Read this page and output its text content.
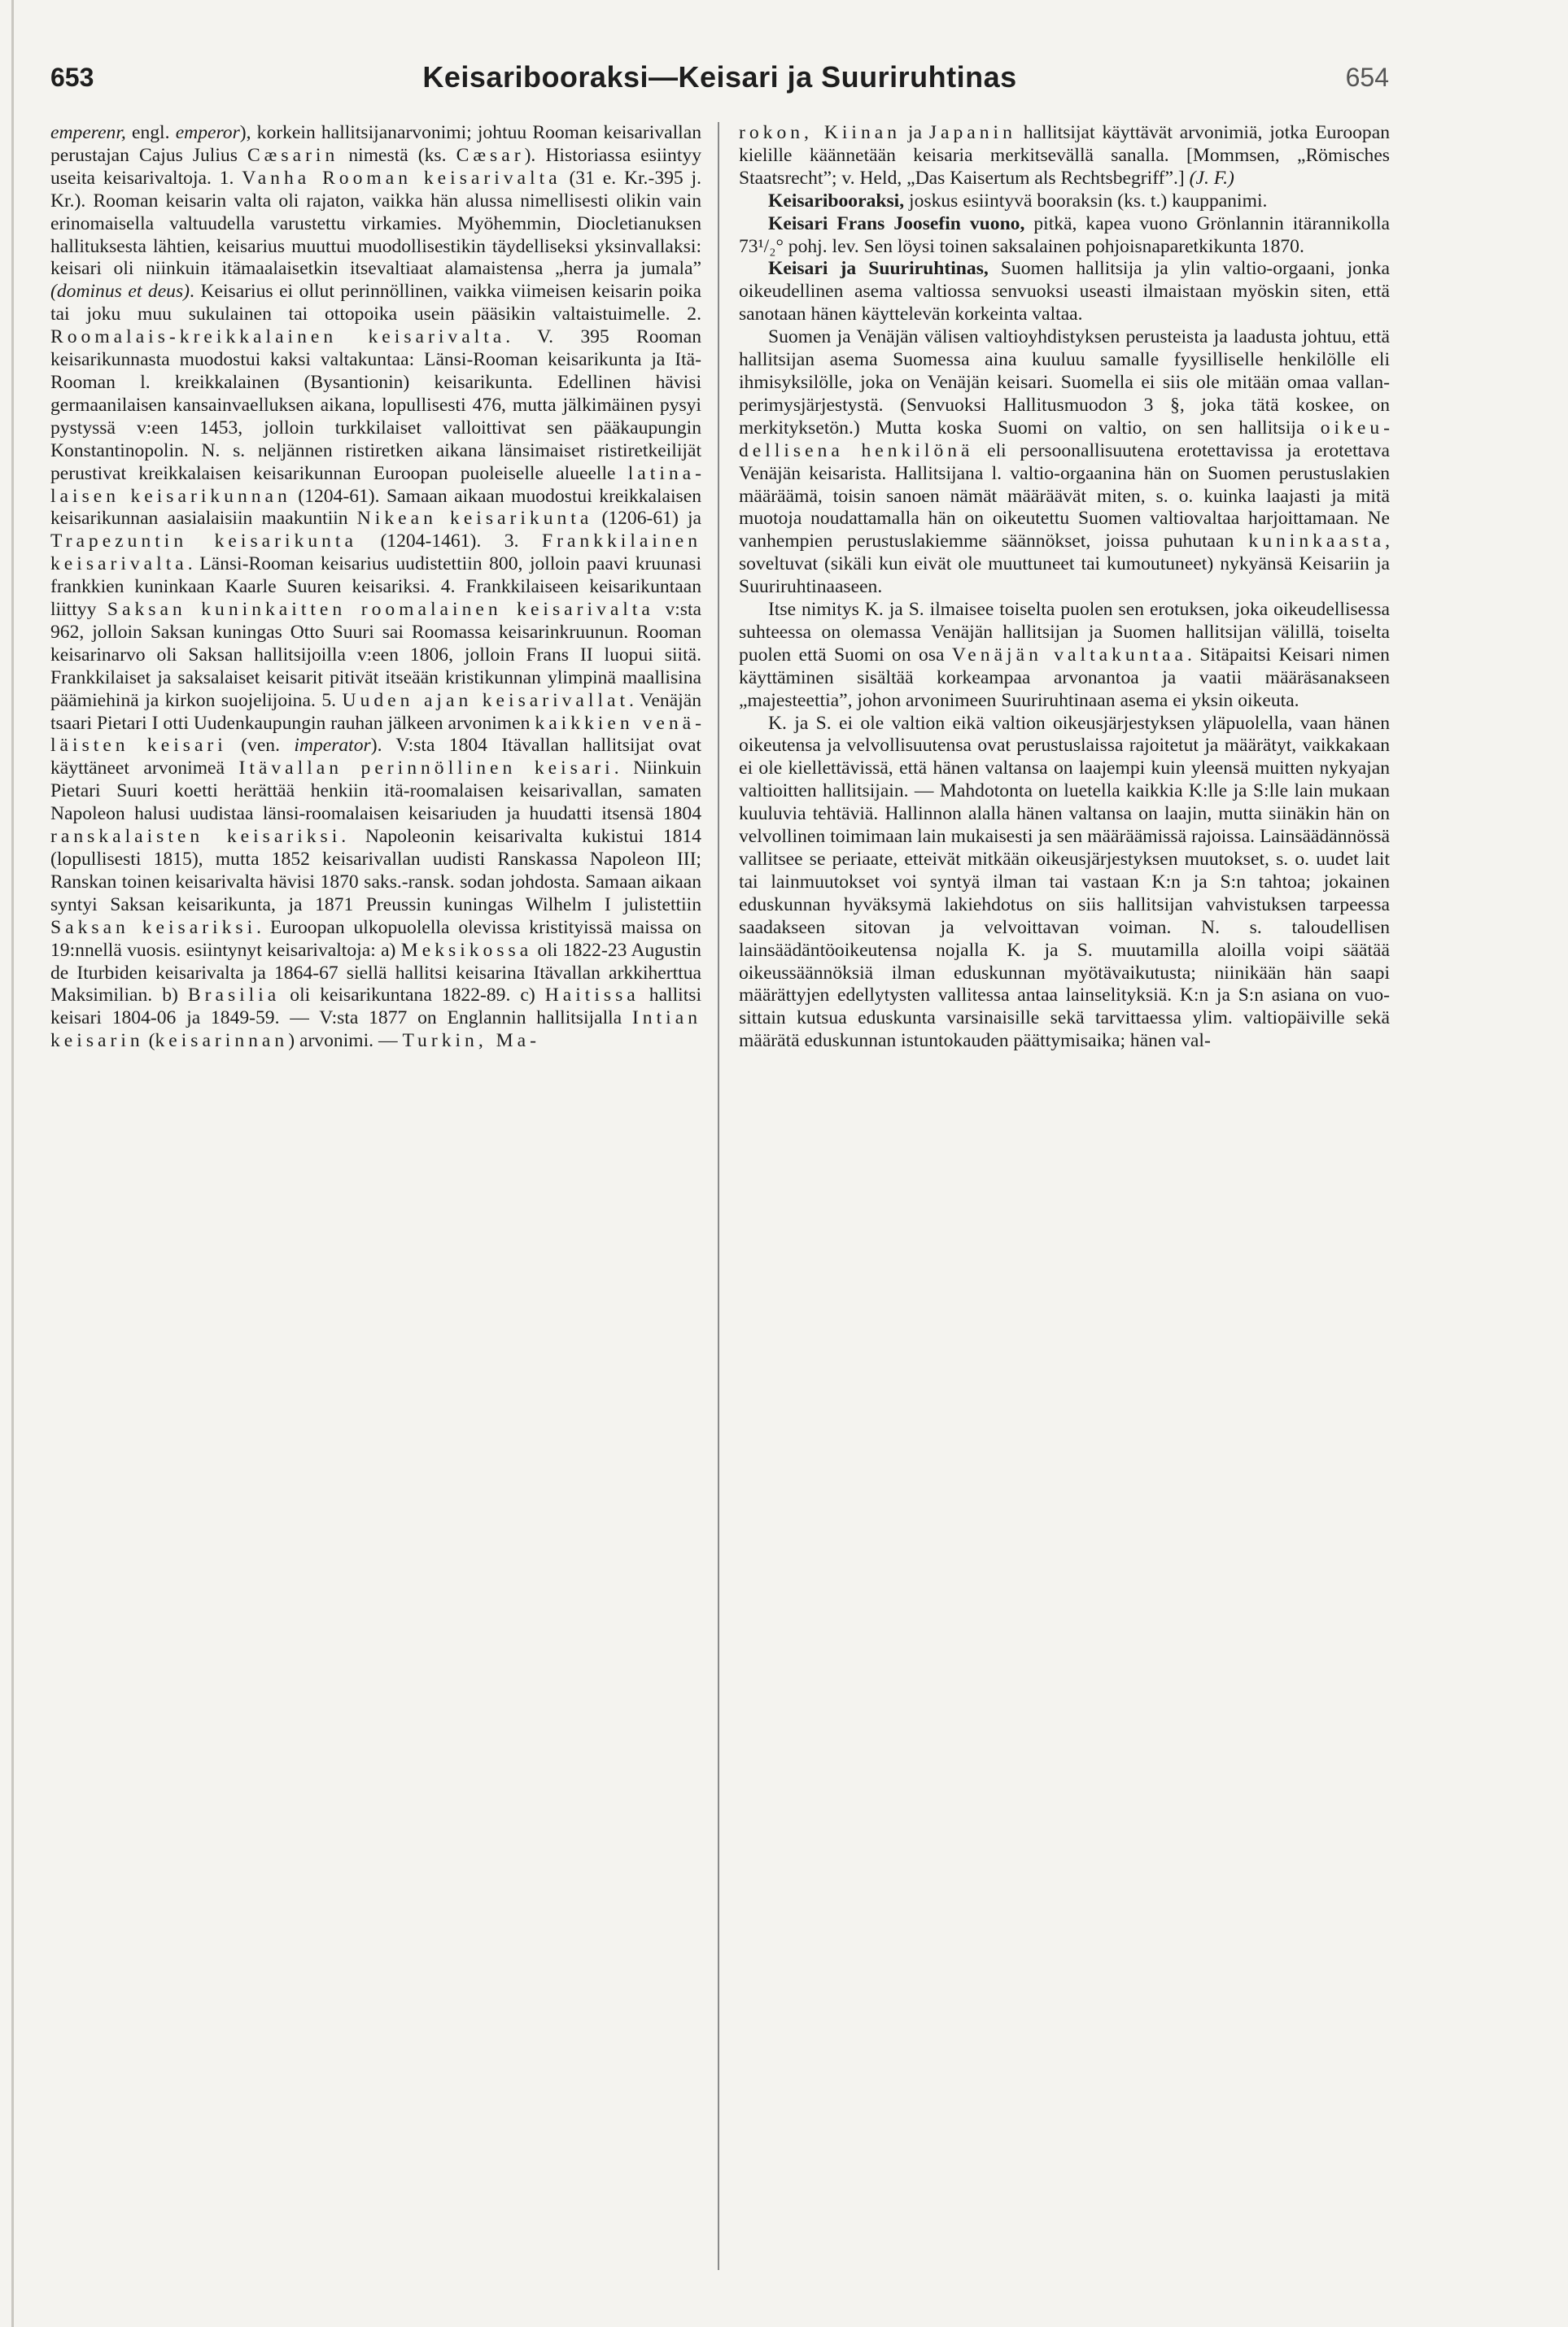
653	Keisaribooraksi—Keisari ja Suuriruhtinas	654

emperenr, engl. emperor), korkein hallitsijanarvonimi; johtuu Rooman keisarivallan perustajan Cajus Julius Cæsarin nimestä (ks. Cæsar). Historiassa esiintyy useita keisarivaltoja. 1. Vanha Rooman keisarivalta (31 e. Kr.-395 j. Kr.). Rooman keisarin valta oli rajaton, vaikka hän alussa nimellisesti olikin vain erinomaisella valtuudella varustettu virkamies. Myöhemmin, Diocletianuksen hallituksesta lähtien, keisarius muuttui muodollisestikin täydelliseksi yksinvallaksi: keisari oli niinkuin itämaalaisetkin itsevaltiaat alamaistensa „herra ja jumala” (dominus et deus). Keisarius ei ollut perinnöllinen, vaikka viimeisen keisarin poika tai joku muu sukulainen tai ottopoika usein pääsikin valtaistuimelle. 2. Roomalais-kreikkalainen keisarivalta. V. 395 Rooman keisarikunnasta muodostui kaksi valtakuntaa: Länsi-Rooman keisarikunta ja Itä-Rooman l. kreikkalainen (Bysantionin) keisarikunta. Edellinen hävisi germaanilaisen kansainvaelluksen aikana, lopullisesti 476, mutta jälkimäinen pysyi pystyssä v:een 1453, jolloin turkkilaiset valloittivat sen pääkaupungin Konstantinopolin. N. s. neljännen ristiretken aikana länsimaiset ristiretkeilijät perustivat kreikkalaisen keisarikunnan Euroopan puoleiselle alueelle latinalaisen keisarikunnan (1204-61). Samaan aikaan muodostui kreikkalaisen keisarikunnan aasialaisiin maakuntiin Nikean keisarikunta (1206-61) ja Trapezuntin keisarikunta (1204-1461). 3. Frankkilainen keisarivalta. Länsi-Rooman keisarius uudistettiin 800, jolloin paavi kruunasi frankkien kuninkaan Kaarle Suuren keisariksi. 4. Frankkilaiseen keisarikuntaan liittyy Saksan kuninkaitten roomalainen keisarivalta v:sta 962, jolloin Saksan kuningas Otto Suuri sai Roomassa keisarinkruunun. Rooman keisarinarvo oli Saksan hallitsijoilla v:een 1806, jolloin Frans II luopui siitä. Frankkilaiset ja saksalaiset keisarit pitivät itseään kristikunnan ylimpinä maallisina päämiehinä ja kirkon suojelijoina. 5. Uuden ajan keisarivallat. Venäjän tsaari Pietari I otti Uudenkaupungin rauhan jälkeen arvonimen kaikkien venäläisten keisari (ven. imperator). V:sta 1804 Itävallan hallitsijat ovat käyttäneet arvonimeä Itävallan perinnöllinen keisari. Niinkuin Pietari Suuri koetti herättää henkiin itä-roomalaisen keisarivallan, samaten Napoleon halusi uudistaa länsi-roomalaisen keisariuden ja huudatti itsensä 1804 ranskalaisten keisariksi. Napoleonin keisarivalta kukistui 1814 (lopullisesti 1815), mutta 1852 keisarivallan uudisti Ranskassa Napoleon III; Ranskan toinen keisarivalta hävisi 1870 saks.-ransk. sodan johdosta. Samaan aikaan syntyi Saksan keisarikunta, ja 1871 Preussin kuningas Wilhelm I julistettiin Saksan keisariksi. Euroopan ulkopuolella olevissa kristityissä maissa on 19:nnellä vuosis. esiintynyt keisarivaltoja: a) Meksikossa oli 1822-23 Augustin de Iturbiden keisarivalta ja 1864-67 siellä hallitsi keisarina Itävallan arkkiherttua Maksimilian. b) Brasilia oli keisarikuntana 1822-89. c) Haitissa hallitsi keisari 1804-06 ja 1849-59. — V:sta 1877 on Englannin hallitsijalla Intian keisarin (keisarinnan) arvonimi. — Turkin, Ma-

rokon, Kiinan ja Japanin hallitsijat käyttävät arvonimiä, jotka Euroopan kielille käännetään keisaria merkitsevällä sanalla. [Mommsen, „Römisches Staatsrecht”; v. Held, „Das Kaisertum als Rechtsbegriff”.] (J. F.)

Keisaribooraksi, joskus esiintyvä booraksin (ks. t.) kauppanimi.

Keisari Frans Joosefin vuono, pitkä, kapea vuono Grönlannin itärannikolla 73¹/₂° pohj. lev. Sen löysi toinen saksalainen pohjoisnaparetkikunta 1870.

Keisari ja Suuriruhtinas, Suomen hallitsija ja ylin valtio-orgaani, jonka oikeudellinen asema valtiossa senvuoksi useasti ilmaistaan myöskin siten, että sanotaan hänen käyttelevän korkeinta valtaa.

Suomen ja Venäjän välisen valtioyhdistyksen perusteista ja laadusta johtuu, että hallitsijan asema Suomessa aina kuuluu samalle fyysilliselle henkilölle eli ihmisyksilölle, joka on Venäjän keisari. Suomella ei siis ole mitään omaa vallanperimysjärjestystä. (Senvuoksi Hallitusmuodon 3 §, joka tätä koskee, on merkityksetön.) Mutta koska Suomi on valtio, on sen hallitsija oikeudellisena henkilönä eli persoonallisuutena erotettavissa ja erotettava Venäjän keisarista. Hallitsijana l. valtio-orgaanina hän on Suomen perustuslakien määräämä, toisin sanoen nämät määräävät miten, s. o. kuinka laajasti ja mitä muotoja noudattamalla hän on oikeutettu Suomen valtiovaltaa harjoittamaan. Ne vanhempien perustuslakiemme säännökset, joissa puhutaan kuninkaasta, soveltuvat (sikäli kun eivät ole muuttuneet tai kumoutuneet) nykyänsä Keisariin ja Suuriruhtinaaseen.

Itse nimitys K. ja S. ilmaisee toiselta puolen sen erotuksen, joka oikeudellisessa suhteessa on olemassa Venäjän hallitsijan ja Suomen hallitsijan välillä, toiselta puolen että Suomi on osa Venäjän valtakuntaa. Sitäpaitsi Keisari nimen käyttäminen sisältää korkeampaa arvonantoa ja vaatii määräsanakseen „majesteettia”, johon arvonimeen Suuriruhtinaan asema ei yksin oikeuta.

K. ja S. ei ole valtion eikä valtion oikeusjärjestyksen yläpuolella, vaan hänen oikeutensa ja velvollisuutensa ovat perustuslaissa rajoitetut ja määrätyt, vaikkakaan ei ole kiellettävissä, että hänen valtansa on laajempi kuin yleensä muitten nykyajan valtioitten hallitsijain. — Mahdotonta on luetella kaikkia K:lle ja S:lle lain mukaan kuuluvia tehtäviä. Hallinnon alalla hänen valtansa on laajin, mutta siinäkin hän on velvollinen toimimaan lain mukaisesti ja sen määräämissä rajoissa. Lainsäädännössä vallitsee se periaate, etteivät mitkään oikeusjärjestyksen muutokset, s. o. uudet lait tai lainmuutokset voi syntyä ilman tai vastaan K:n ja S:n tahtoa; jokainen eduskunnan hyväksymä lakiehdotus on siis hallitsijan vahvistuksen tarpeessa saadakseen sitovan ja velvoittavan voiman. N. s. taloudellisen lainsäädäntöoikeutensa nojalla K. ja S. muutamilla aloilla voipi säätää oikeussäännöksiä ilman eduskunnan myötävaikutusta; niinikään hän saapi määrättyjen edellytysten vallitessa antaa lainselityksiä. K:n ja S:n asiana on vuosittain kutsua eduskunta varsinaisille sekä tarvittaessa ylim. valtiopäiville sekä määrätä eduskunnan istuntokauden päättymisaika; hänen val-
